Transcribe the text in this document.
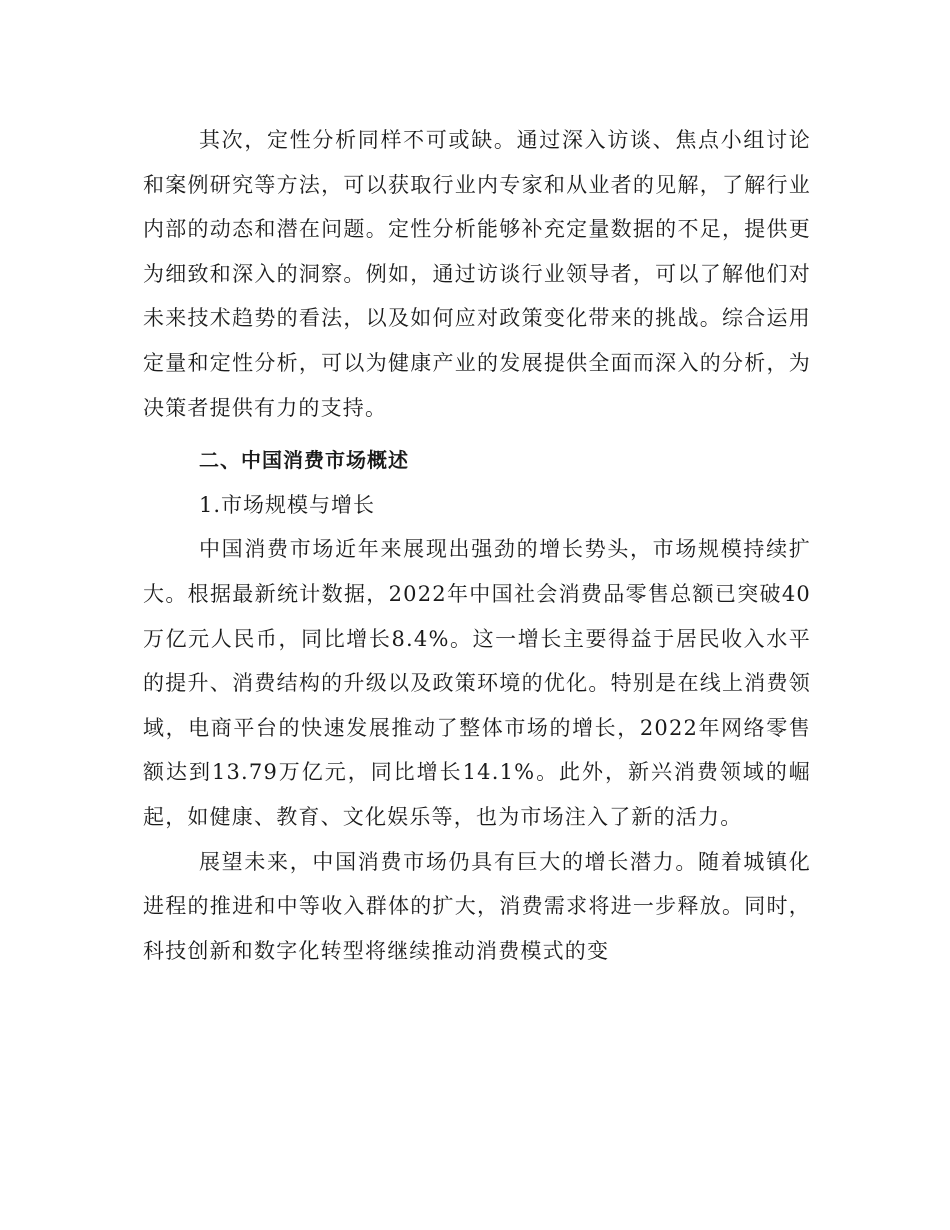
其次，定性分析同样不可或缺。通过深入访谈、焦点小组讨论和案例研究等方法，可以获取行业内专家和从业者的见解，了解行业内部的动态和潜在问题。定性分析能够补充定量数据的不足，提供更为细致和深入的洞察。例如，通过访谈行业领导者，可以了解他们对未来技术趋势的看法，以及如何应对政策变化带来的挑战。综合运用定量和定性分析，可以为健康产业的发展提供全面而深入的分析，为决策者提供有力的支持。

二、中国消费市场概述

1.市场规模与增长

中国消费市场近年来展现出强劲的增长势头，市场规模持续扩大。根据最新统计数据，2022年中国社会消费品零售总额已突破40万亿元人民币，同比增长8.4%。这一增长主要得益于居民收入水平的提升、消费结构的升级以及政策环境的优化。特别是在线上消费领域，电商平台的快速发展推动了整体市场的增长，2022年网络零售额达到13.79万亿元，同比增长14.1%。此外，新兴消费领域的崛起，如健康、教育、文化娱乐等，也为市场注入了新的活力。

展望未来，中国消费市场仍具有巨大的增长潜力。随着城镇化进程的推进和中等收入群体的扩大，消费需求将进一步释放。同时，科技创新和数字化转型将继续推动消费模式的变
